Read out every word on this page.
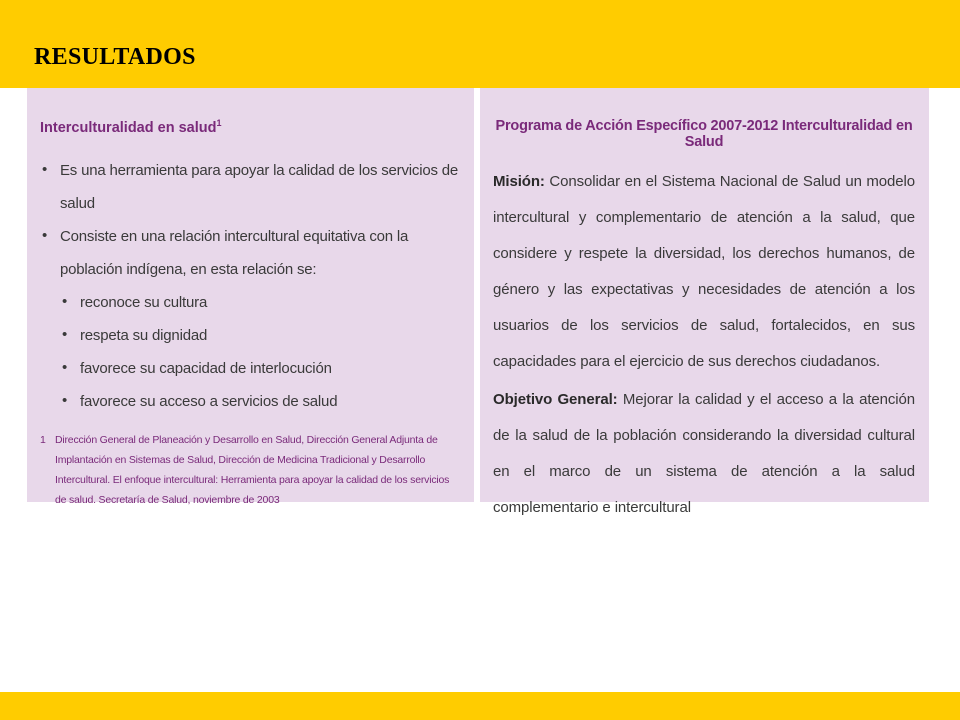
RESULTADOS
Interculturalidad en salud$^1$
• Es una herramienta para apoyar la calidad de los servicios de salud
• Consiste en una relación intercultural equitativa con la población indígena, en esta relación se:
• reconoce su cultura
• respeta su dignidad
• favorece su capacidad de interlocución
• favorece su acceso a servicios de salud
1 Dirección General de Planeación y Desarrollo en Salud, Dirección General Adjunta de Implantación en Sistemas de Salud, Dirección de Medicina Tradicional y Desarrollo Intercultural. El enfoque intercultural: Herramienta para apoyar la calidad de los servicios de salud. Secretaría de Salud, noviembre de 2003
Programa de Acción Específico 2007-2012 Interculturalidad en Salud

Misión: Consolidar en el Sistema Nacional de Salud un modelo intercultural y complementario de atención a la salud, que considere y respete la diversidad, los derechos humanos, de género y las expectativas y necesidades de atención a los usuarios de los servicios de salud, fortalecidos, en sus capacidades para el ejercicio de sus derechos ciudadanos.

Objetivo General: Mejorar la calidad y el acceso a la atención de la salud de la población considerando la diversidad cultural en el marco de un sistema de atención a la salud complementario e intercultural
